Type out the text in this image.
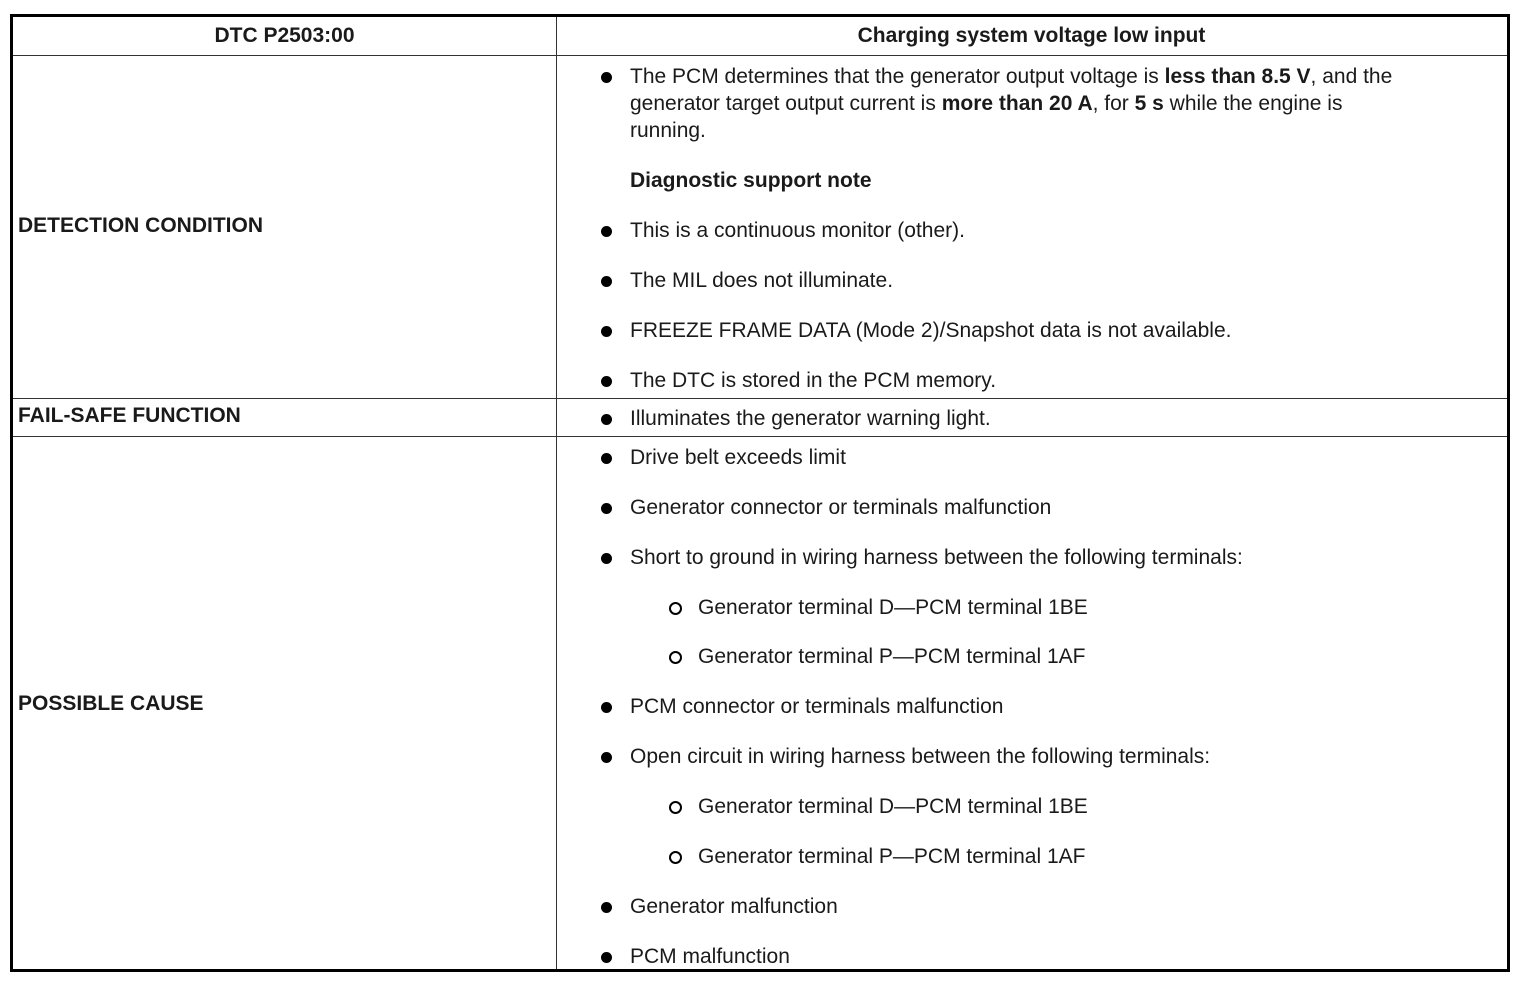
DTC P2503:00	Charging system voltage low input
DETECTION CONDITION
FAIL-SAFE FUNCTION
POSSIBLE CAUSE
The PCM determines that the generator output voltage is less than 8.5 V, and the
generator target output current is more than 20 A, for 5 s while the engine is
running.
Diagnostic support note
This is a continuous monitor (other).
The MIL does not illuminate.
FREEZE FRAME DATA (Mode 2)/Snapshot data is not available.
The DTC is stored in the PCM memory.
Illuminates the generator warning light.
Drive belt exceeds limit
Generator connector or terminals malfunction
Short to ground in wiring harness between the following terminals:
Generator terminal D—PCM terminal 1BE
Generator terminal P—PCM terminal 1AF
PCM connector or terminals malfunction
Open circuit in wiring harness between the following terminals:
Generator terminal D—PCM terminal 1BE
Generator terminal P—PCM terminal 1AF
Generator malfunction
PCM malfunction
